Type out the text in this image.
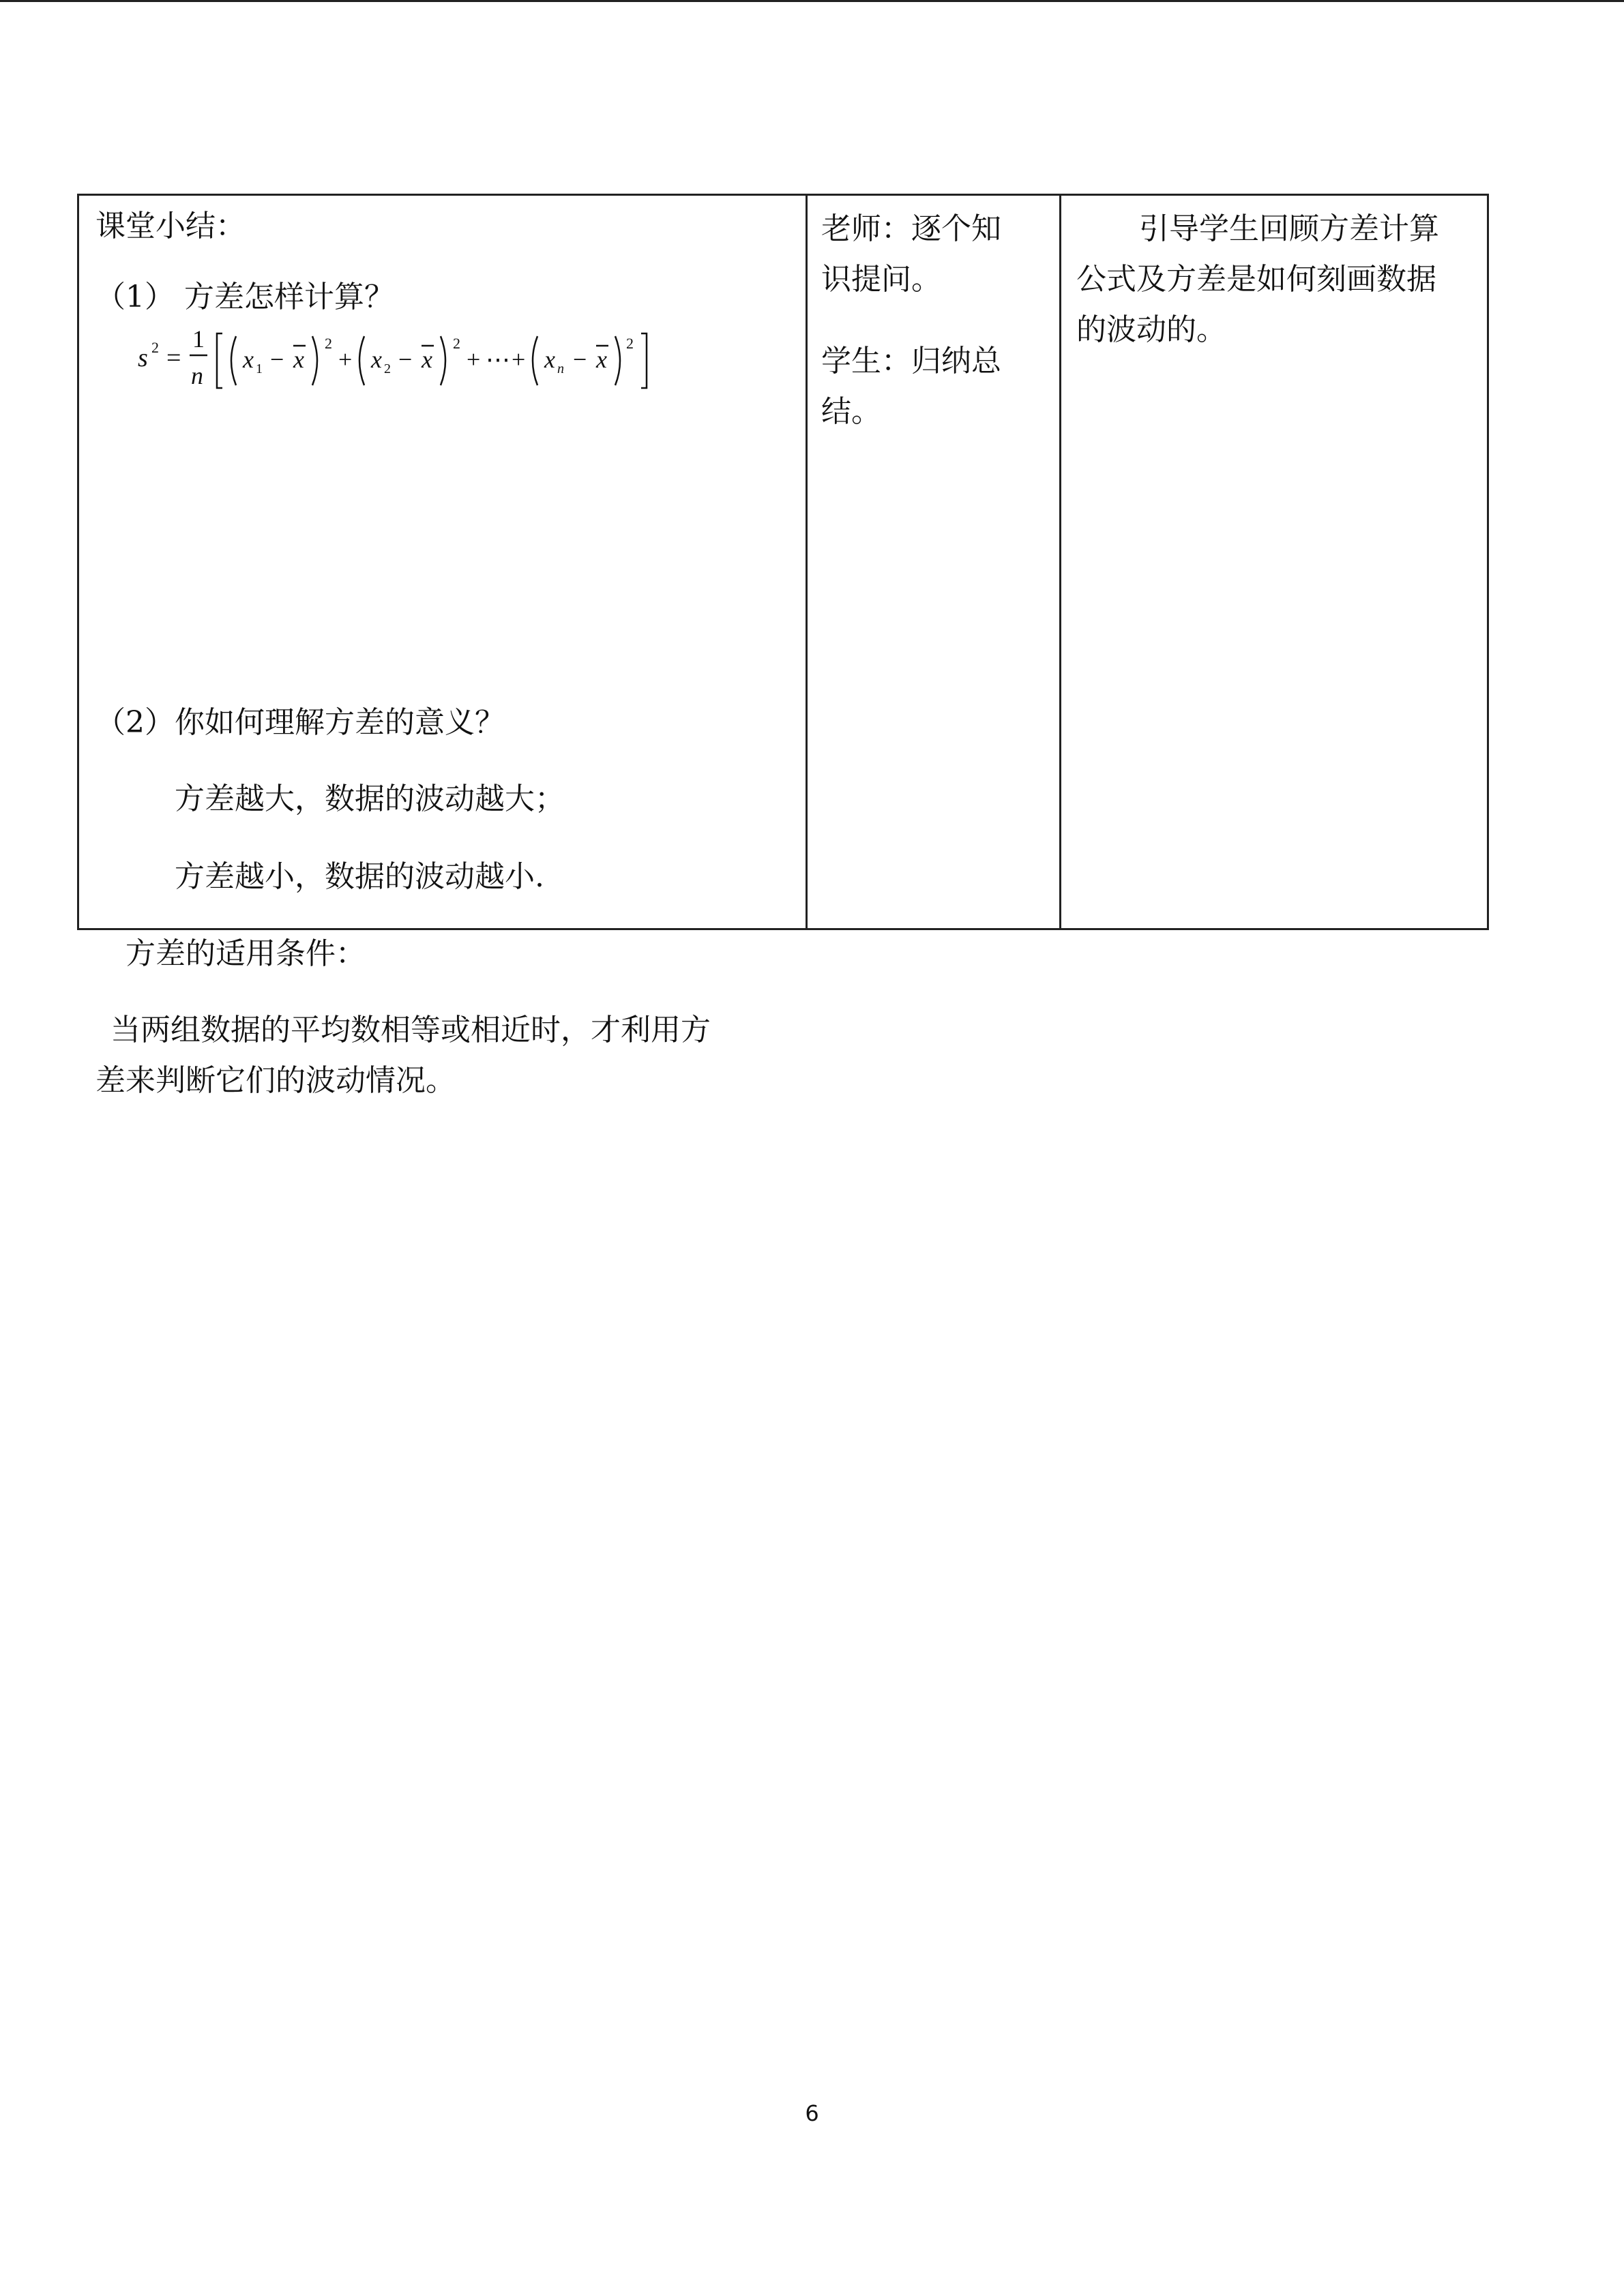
课堂小结：
（1） 方差怎样计算？
s 2 =
1
n
x 1 − x
2
+ x 2 − x
2
+ ⋯ + x n − x
2
（2）你如何理解方差的意义？
方差越大，数据的波动越大；
方差越小，数据的波动越小.
方差的适用条件：
当两组数据的平均数相等或相近时，才利用方
差来判断它们的波动情况。
老师：逐个知
识提问。
学生：归纳总
结。
引导学生回顾方差计算
公式及方差是如何刻画数据
的波动的。
6
